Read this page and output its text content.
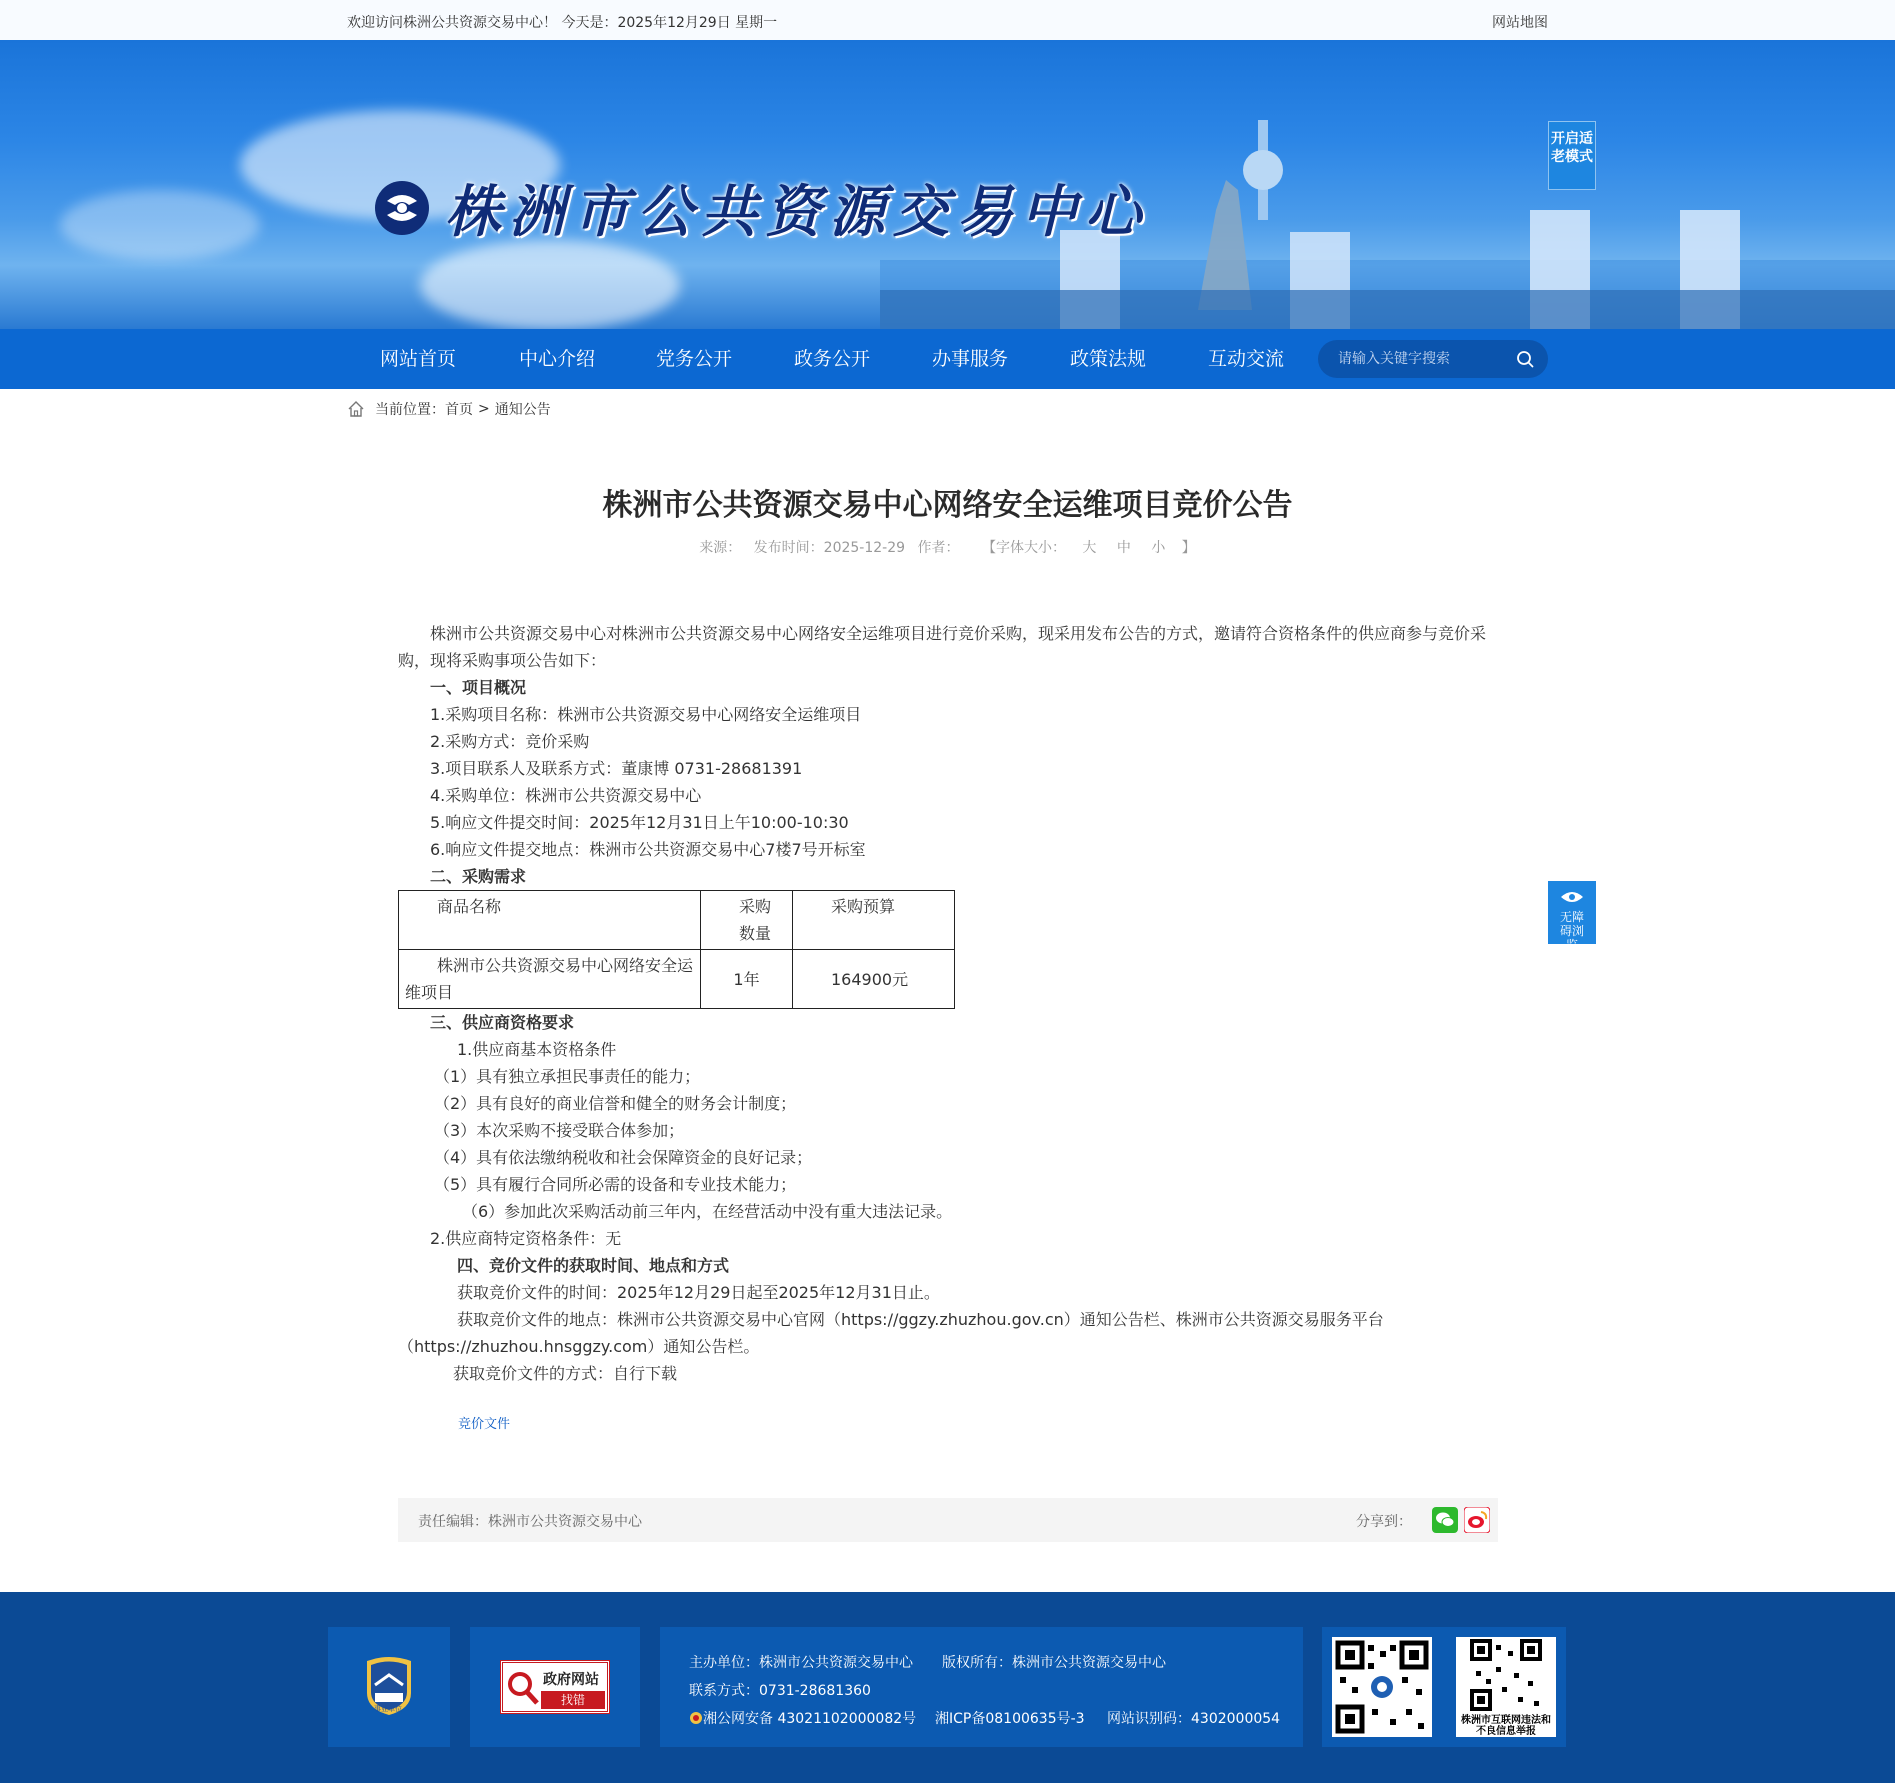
欢迎访问株洲公共资源交易中心！ 今天是：2025年12月29日 星期一	网站地图
株洲市公共资源交易中心
开启适老模式
网站首页	中心介绍	党务公开	政务公开	办事服务	政策法规	互动交流
请输入关键字搜索
当前位置： 首页 > 通知公告
株洲市公共资源交易中心网络安全运维项目竞价公告
来源： 发布时间：2025-12-29 作者： 【字体大小： 大 中 小 】

株洲市公共资源交易中心对株洲市公共资源交易中心网络安全运维项目进行竞价采购，现采用发布公告的方式，邀请符合资格条件的供应商参与竞价采购，现将采购事项公告如下：

一、项目概况

1.采购项目名称：株洲市公共资源交易中心网络安全运维项目

2.采购方式：竞价采购

3.项目联系人及联系方式：董康博 0731-28681391

4.采购单位：株洲市公共资源交易中心

5.响应文件提交时间：2025年12月31日上午10:00-10:30

6.响应文件提交地点：株洲市公共资源交易中心7楼7号开标室

二、采购需求

商品名称	采购数量	采购预算
株洲市公共资源交易中心网络安全运维项目	1年	164900元

三、供应商资格要求

1.供应商基本资格条件

（1）具有独立承担民事责任的能力；

（2）具有良好的商业信誉和健全的财务会计制度；

（3）本次采购不接受联合体参加；

（4）具有依法缴纳税收和社会保障资金的良好记录；

（5）具有履行合同所必需的设备和专业技术能力；

（6）参加此次采购活动前三年内，在经营活动中没有重大违法记录。

2.供应商特定资格条件：无

四、竞价文件的获取时间、地点和方式

获取竞价文件的时间：2025年12月29日起至2025年12月31日止。

获取竞价文件的地点：株洲市公共资源交易中心官网（https://ggzy.zhuzhou.gov.cn）通知公告栏、株洲市公共资源交易服务平台（https://zhuzhou.hnsggzy.com）通知公告栏。

获取竞价文件的方式：自行下载

竞价文件
责任编辑：株洲市公共资源交易中心	分享到：
无障碍浏览
事业单位
政府网站
找错
主办单位：株洲市公共资源交易中心 版权所有：株洲市公共资源交易中心
联系方式：0731-28681360
湘公网安备 43021102000082号 湘ICP备08100635号-3 网站识别码：4302000054	株洲市互联网违法和不良信息举报
